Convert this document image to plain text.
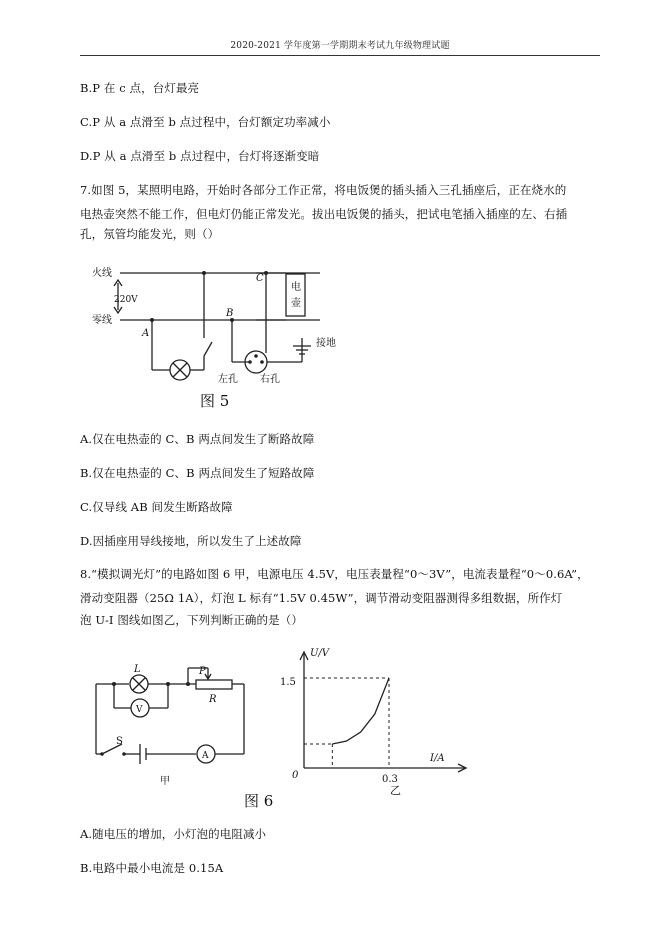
2020-2021 学年度第一学期期末考试九年级物理试题
B.P 在 c 点，台灯最亮
C.P 从 a 点滑至 b 点过程中，台灯额定功率减小
D.P 从 a 点滑至 b 点过程中，台灯将逐渐变暗
7.如图 5，某照明电路，开始时各部分工作正常，将电饭煲的插头插入三孔插座后，正在烧水的
电热壶突然不能工作，但电灯仍能正常发光。拔出电饭煲的插头，把试电笔插入插座的左、右插
孔，氖管均能发光，则（）
火线
零线
220V
A
B
C
电
壶
接地
左孔 右孔
图 5
A.仅在电热壶的 C、B 两点间发生了断路故障
B.仅在电热壶的 C、B 两点间发生了短路故障
C.仅导线 AB 间发生断路故障
D.因插座用导线接地，所以发生了上述故障
8.“模拟调光灯”的电路如图 6 甲，电源电压 4.5V，电压表量程“0～3V”，电流表量程“0～0.6A”，
滑动变阻器（25Ω 1A），灯泡 L 标有“1.5V 0.45W”，调节滑动变阻器测得多组数据，所作灯
泡 U-I 图线如图乙，下列判断正确的是（）
L	P
R
V
S
A
甲
U/V
I/A
0
1.5
0.3
乙
图 6
A.随电压的增加，小灯泡的电阻减小
B.电路中最小电流是 0.15A
